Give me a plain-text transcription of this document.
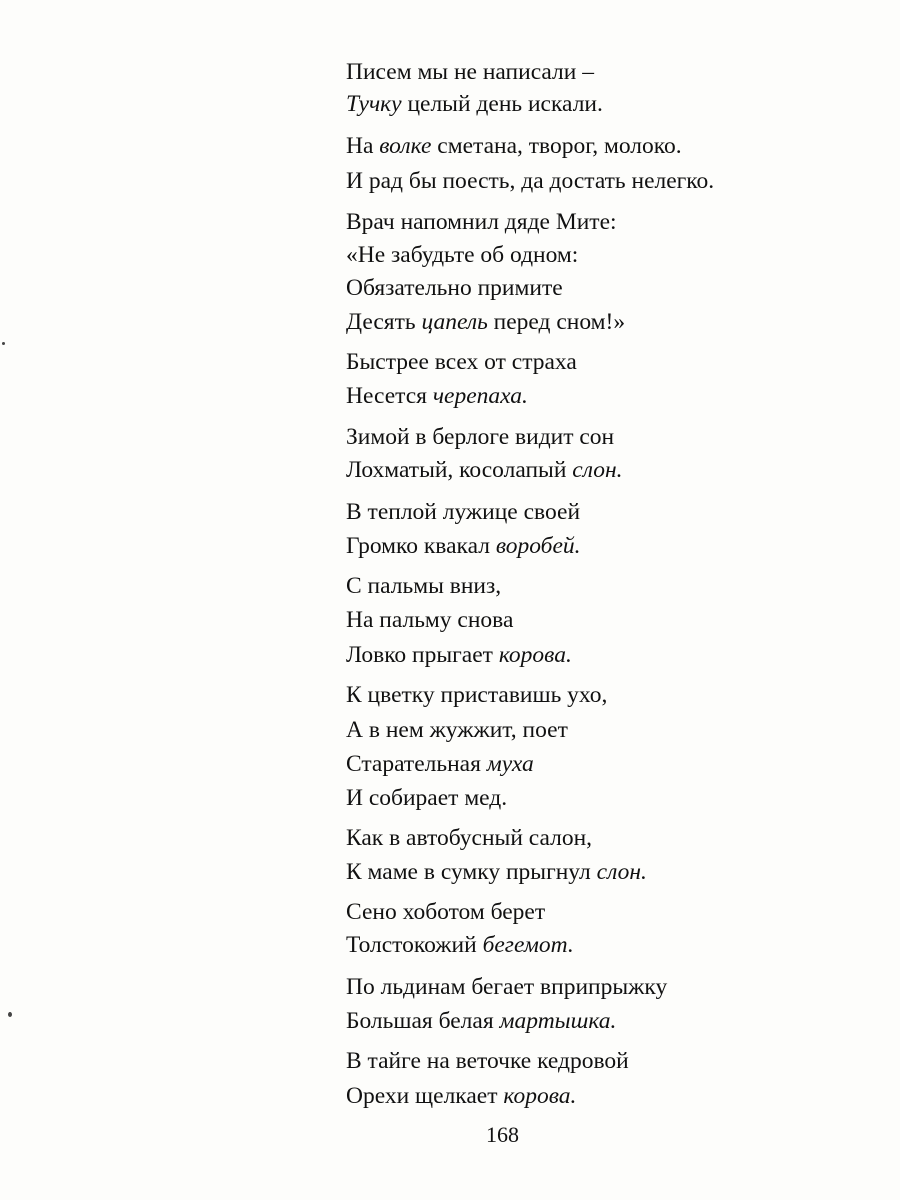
Писем мы не написали –
Тучку целый день искали.
На волке сметана, творог, молоко.
И рад бы поесть, да достать нелегко.
Врач напомнил дяде Мите:
«Не забудьте об одном:
Обязательно примите
Десять цапель перед сном!»
Быстрее всех от страха
Несется черепаха.
Зимой в берлоге видит сон
Лохматый, косолапый слон.
В теплой лужице своей
Громко квакал воробей.
С пальмы вниз,
На пальму снова
Ловко прыгает корова.
К цветку приставишь ухо,
А в нем жужжит, поет
Старательная муха
И собирает мед.
Как в автобусный салон,
К маме в сумку прыгнул слон.
Сено хоботом берет
Толстокожий бегемот.
По льдинам бегает вприпрыжку
Большая белая мартышка.
В тайге на веточке кедровой
Орехи щелкает корова.
168
